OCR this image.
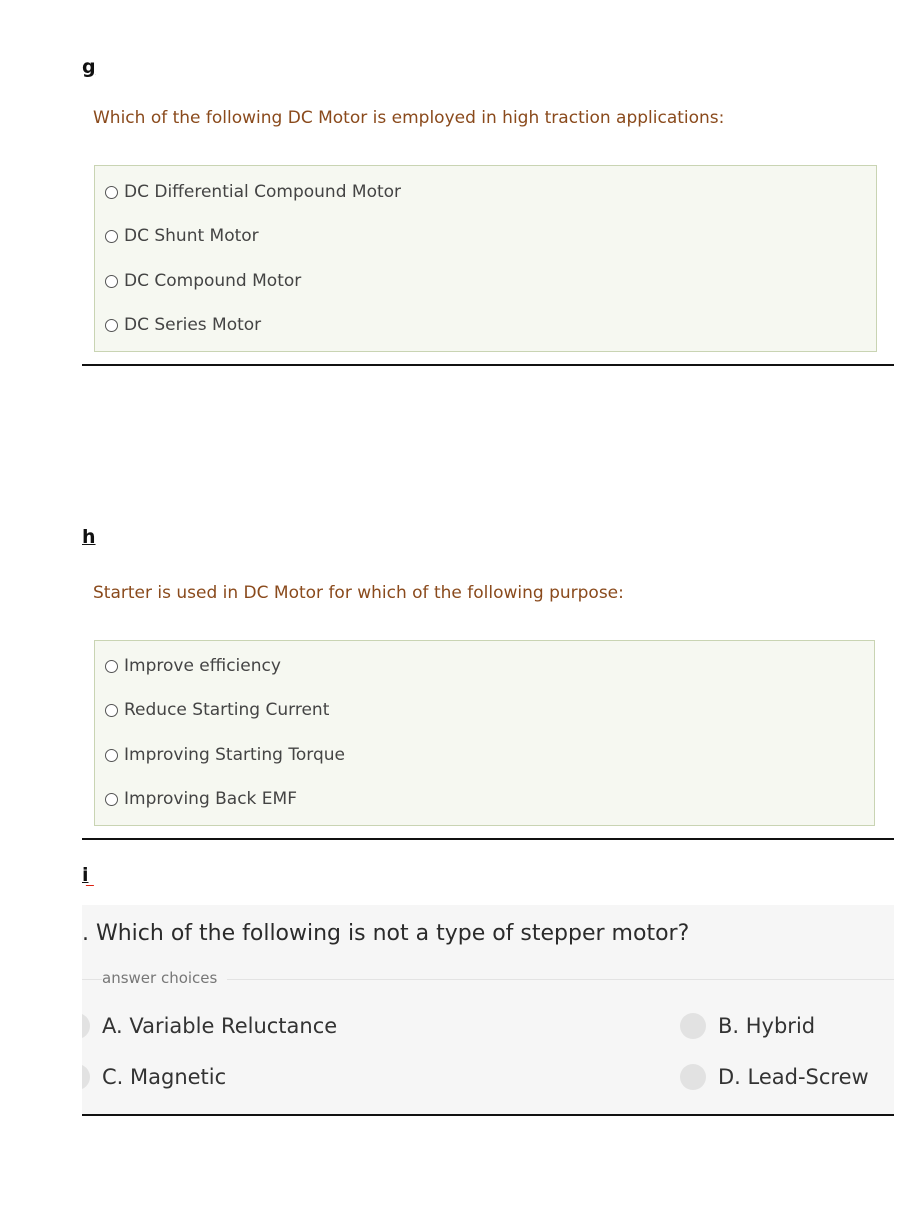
g
Which of the following DC Motor is employed in high traction applications:
DC Differential Compound Motor
DC Shunt Motor
DC Compound Motor
DC Series Motor
h
Starter is used in DC Motor for which of the following purpose:
Improve efficiency
Reduce Starting Current
Improving Starting Torque
Improving Back EMF
i
. Which of the following is not a type of stepper motor?
answer choices
A. Variable Reluctance	B. Hybrid
C. Magnetic	D. Lead-Screw
